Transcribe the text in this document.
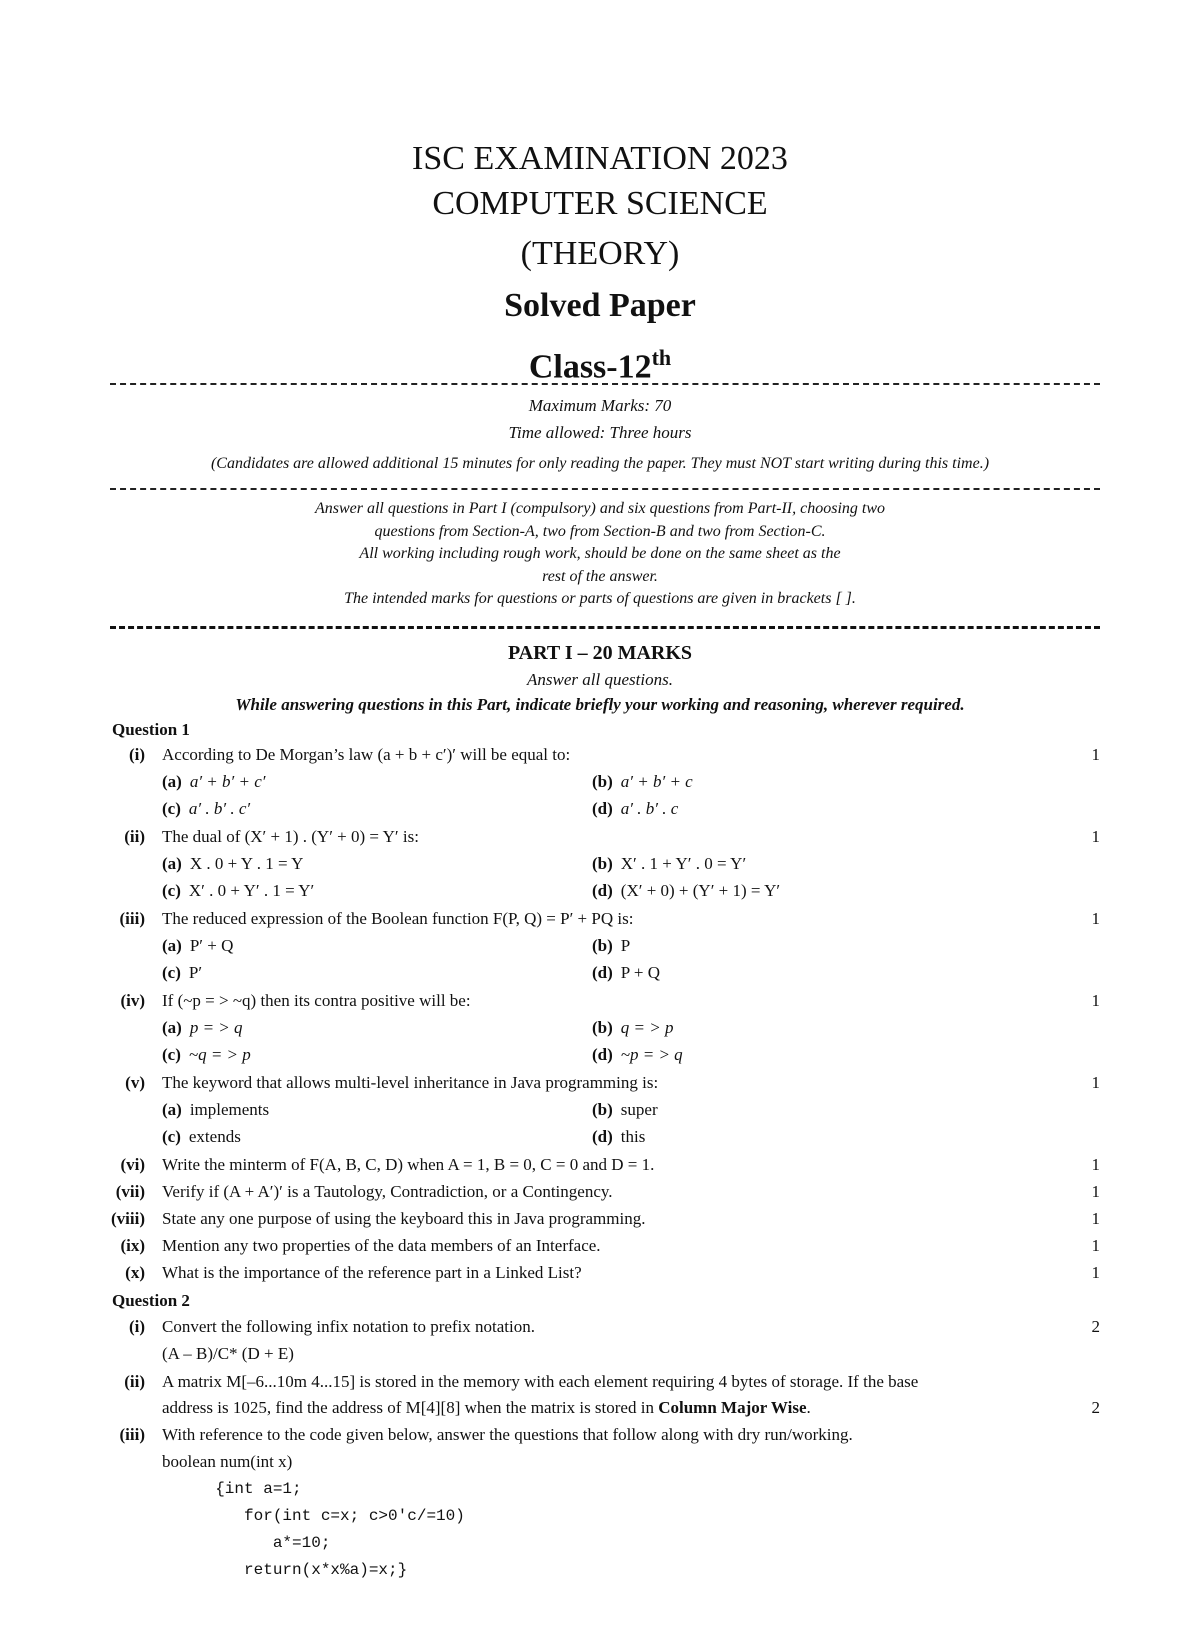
ISC EXAMINATION 2023
COMPUTER SCIENCE
(THEORY)
Solved Paper
Class-12th
Maximum Marks: 70
Time allowed: Three hours
(Candidates are allowed additional 15 minutes for only reading the paper. They must NOT start writing during this time.)
Answer all questions in Part I (compulsory) and six questions from Part-II, choosing two
questions from Section-A, two from Section-B and two from Section-C.
All working including rough work, should be done on the same sheet as the
rest of the answer.
The intended marks for questions or parts of questions are given in brackets [ ].
PART I – 20 MARKS
Answer all questions.
While answering questions in this Part, indicate briefly your working and reasoning, wherever required.
Question 1
(i) According to De Morgan’s law (a + b + c′)′ will be equal to:	1
(a) a′ + b′ + c′	(b) a′ + b′ + c
(c) a′ . b′ . c′	(d) a′ . b′ . c
(ii) The dual of (X′ + 1) . (Y′ + 0) = Y′ is:	1
(a) X . 0 + Y . 1 = Y	(b) X′ . 1 + Y′ . 0 = Y′
(c) X′ . 0 + Y′ . 1 = Y′	(d) (X′ + 0) + (Y′ + 1) = Y′
(iii) The reduced expression of the Boolean function F(P, Q) = P′ + PQ is:	1
(a) P′ + Q	(b) P
(c) P′	(d) P + Q
(iv) If (~p = > ~q) then its contra positive will be:	1
(a) p = > q	(b) q = > p
(c) ~q = > p	(d) ~p = > q
(v) The keyword that allows multi-level inheritance in Java programming is:	1
(a) implements	(b) super
(c) extends	(d) this
(vi) Write the minterm of F(A, B, C, D) when A = 1, B = 0, C = 0 and D = 1.	1
(vii) Verify if (A + A′)′ is a Tautology, Contradiction, or a Contingency.	1
(viii) State any one purpose of using the keyboard this in Java programming.	1
(ix) Mention any two properties of the data members of an Interface.	1
(x) What is the importance of the reference part in a Linked List?	1
Question 2
(i) Convert the following infix notation to prefix notation.	2
(A – B)/C* (D + E)
(ii) A matrix M[–6...10m 4...15] is stored in the memory with each element requiring 4 bytes of storage. If the base
address is 1025, find the address of M[4][8] when the matrix is stored in Column Major Wise.	2
(iii) With reference to the code given below, answer the questions that follow along with dry run/working.
boolean num(int x)
{int a=1;
for(int c=x; c>0′c/=10)
a*=10;
return(x*x%a)=x;}
